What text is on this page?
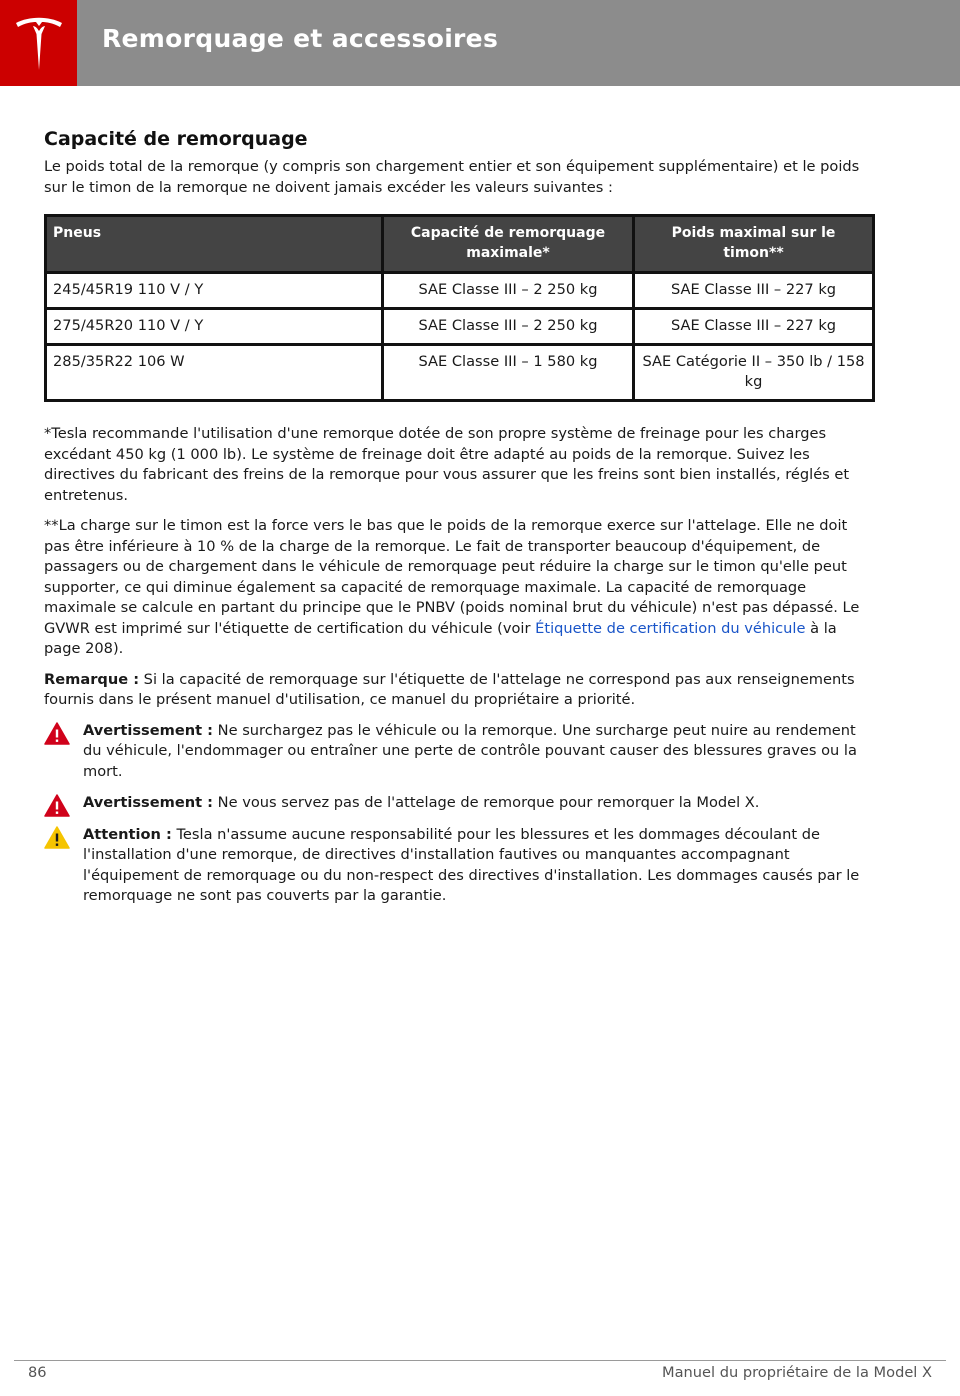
Remorquage et accessoires
Capacité de remorquage

Le poids total de la remorque (y compris son chargement entier et son équipement supplémentaire) et le poids sur le timon de la remorque ne doivent jamais excéder les valeurs suivantes :

Pneus	Capacité de remorquage maximale*	Poids maximal sur le timon**
245/45R19 110 V / Y	SAE Classe III – 2 250 kg	SAE Classe III – 227 kg
275/45R20 110 V / Y	SAE Classe III – 2 250 kg	SAE Classe III – 227 kg
285/35R22 106 W	SAE Classe III – 1 580 kg	SAE Catégorie II – 350 lb / 158 kg

*Tesla recommande l'utilisation d'une remorque dotée de son propre système de freinage pour les charges excédant 450 kg (1 000 lb). Le système de freinage doit être adapté au poids de la remorque. Suivez les directives du fabricant des freins de la remorque pour vous assurer que les freins sont bien installés, réglés et entretenus.

**La charge sur le timon est la force vers le bas que le poids de la remorque exerce sur l'attelage. Elle ne doit pas être inférieure à 10 % de la charge de la remorque. Le fait de transporter beaucoup d'équipement, de passagers ou de chargement dans le véhicule de remorquage peut réduire la charge sur le timon qu'elle peut supporter, ce qui diminue également sa capacité de remorquage maximale. La capacité de remorquage maximale se calcule en partant du principe que le PNBV (poids nominal brut du véhicule) n'est pas dépassé. Le GVWR est imprimé sur l'étiquette de certification du véhicule (voir Étiquette de certification du véhicule à la page 208).

Remarque : Si la capacité de remorquage sur l'étiquette de l'attelage ne correspond pas aux renseignements fournis dans le présent manuel d'utilisation, ce manuel du propriétaire a priorité.

Avertissement : Ne surchargez pas le véhicule ou la remorque. Une surcharge peut nuire au rendement du véhicule, l'endommager ou entraîner une perte de contrôle pouvant causer des blessures graves ou la mort.

Avertissement : Ne vous servez pas de l'attelage de remorque pour remorquer la Model X.

Attention : Tesla n'assume aucune responsabilité pour les blessures et les dommages découlant de l'installation d'une remorque, de directives d'installation fautives ou manquantes accompagnant l'équipement de remorquage ou du non-respect des directives d'installation. Les dommages causés par le remorquage ne sont pas couverts par la garantie.

86	Manuel du propriétaire de la Model X
